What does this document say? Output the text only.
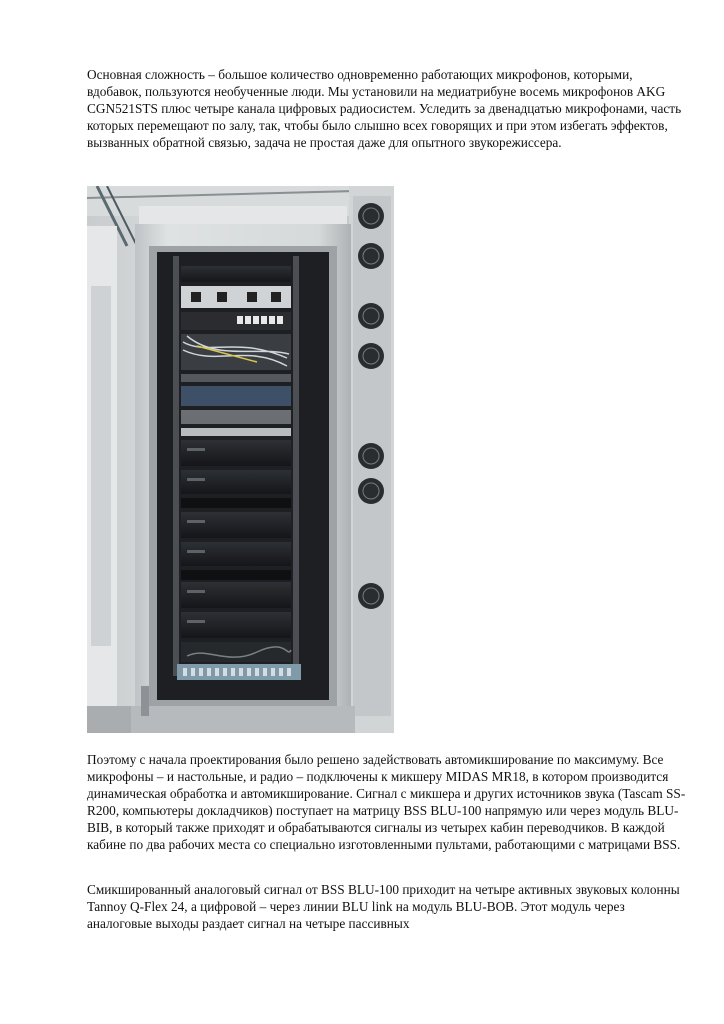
Основная сложность – большое количество одновременно работающих микрофонов, которыми, вдобавок, пользуются необученные люди. Мы установили на медиатрибуне восемь микрофонов AKG CGN521STS плюс четыре канала цифровых радиосистем. Уследить за двенадцатью микрофонами, часть которых перемещают по залу, так, чтобы было слышно всех говорящих и при этом избегать эффектов, вызванных обратной связью, задача не простая даже для опытного звукорежиссера.

Поэтому с начала проектирования было решено задействовать автомикширование по максимуму. Все микрофоны – и настольные, и радио – подключены к микшеру MIDAS MR18, в котором производится динамическая обработка и автомикширование. Сигнал с микшера и других источников звука (Tascam SS-R200, компьютеры докладчиков) поступает на матрицу BSS BLU-100 напрямую или через модуль BLU-BIB, в который также приходят и обрабатываются сигналы из четырех кабин переводчиков. В каждой кабине по два рабочих места со специально изготовленными пультами, работающими с матрицами BSS.

Смикшированный аналоговый сигнал от BSS BLU-100 приходит на четыре активных звуковых колонны Tannoy Q-Flex 24, а цифровой – через линии BLU link на модуль BLU-BOB. Этот модуль через аналоговые выходы раздает сигнал на четыре пассивных
